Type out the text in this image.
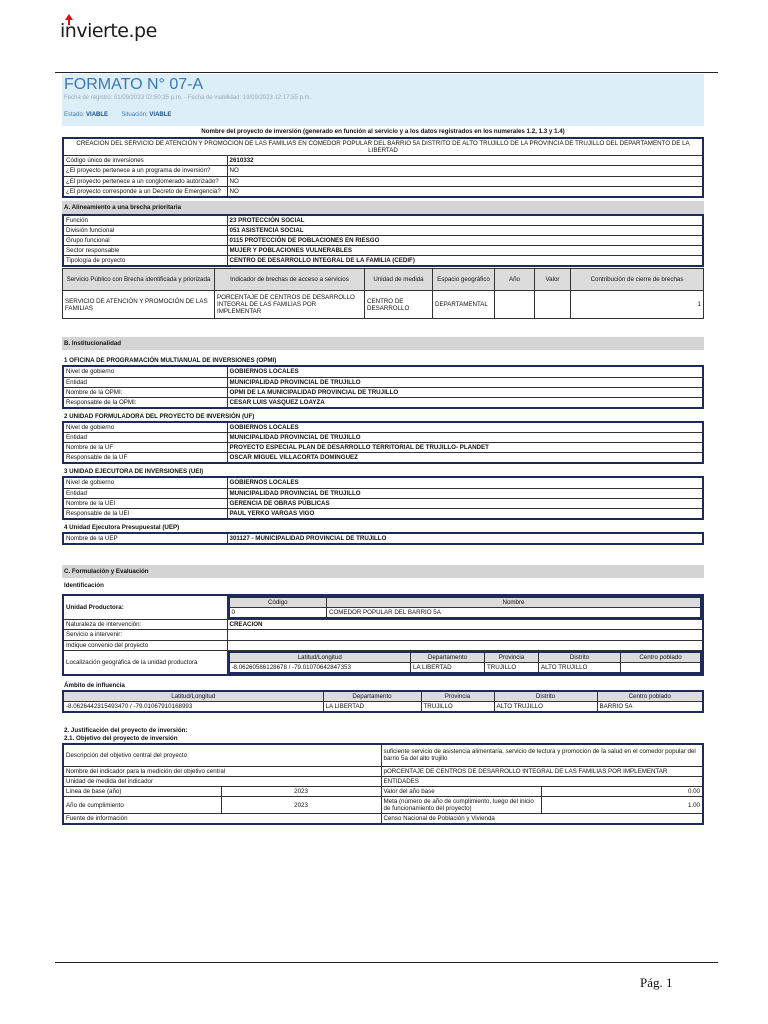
invierte.pe
FORMATO N° 07-A
Fecha de registro: 01/09/2023 02:50:35 p.m. - Fecha de viabilidad: 19/09/2023 12:17:55 p.m.
Estado: VIABLE Situación: VIABLE
Nombre del proyecto de inversión (generado en función al servicio y a los datos registrados en los numerales 1.2, 1.3 y 1.4)
CREACION DEL SERVICIO DE ATENCIÓN Y PROMOCION DE LAS FAMILIAS EN COMEDOR POPULAR DEL BARRIO 5A DISTRITO DE ALTO TRUJILLO DE LA PROVINCIA DE TRUJILLO DEL DEPARTAMENTO DE LA LIBERTAD	
Código único de inversiones	2610332
¿El proyecto pertenece a un programa de inversión?	NO
¿El proyecto pertenece a un conglomerado autorizado?	NO
¿El proyecto corresponde a un Decreto de Emergencia?	NO
A. Alineamiento a una brecha prioritaria
Función	23 PROTECCIÓN SOCIAL
División funcional	051 ASISTENCIA SOCIAL
Grupo funcional	0115 PROTECCIÓN DE POBLACIONES EN RIESGO
Sector responsable	MUJER Y POBLACIONES VULNERABLES
Tipología de proyecto	CENTRO DE DESARROLLO INTEGRAL DE LA FAMILIA (CEDIF)
Servicio Público con Brecha identificada y priorizada	Indicador de brechas de acceso a servicios	Unidad de medida	Espacio geográfico	Año	Valor	Contribución de cierre de brechas
SERVICIO DE ATENCIÓN Y PROMOCIÓN DE LAS FAMILIAS	PORCENTAJE DE CENTROS DE DESARROLLO INTEGRAL DE LAS FAMILIAS POR IMPLEMENTAR	CENTRO DE DESARROLLO	DEPARTAMENTAL			1
B. Institucionalidad
1 OFICINA DE PROGRAMACIÓN MULTIANUAL DE INVERSIONES (OPMI)
Nivel de gobierno	GOBIERNOS LOCALES
Entidad	MUNICIPALIDAD PROVINCIAL DE TRUJILLO
Nombre de la OPMI:	OPMI DE LA MUNICIPALIDAD PROVINCIAL DE TRUJILLO
Responsable de la OPMI:	CESAR LUIS VASQUEZ LOAYZA
2 UNIDAD FORMULADORA DEL PROYECTO DE INVERSIÓN (UF)
Nivel de gobierno	GOBIERNOS LOCALES
Entidad	MUNICIPALIDAD PROVINCIAL DE TRUJILLO
Nombre de la UF	PROYECTO ESPECIAL PLAN DE DESARROLLO TERRITORIAL DE TRUJILLO- PLANDET
Responsable de la UF	OSCAR MIGUEL VILLACORTA DOMINGUEZ
3 UNIDAD EJECUTORA DE INVERSIONES (UEI)
Nivel de gobierno	GOBIERNOS LOCALES
Entidad	MUNICIPALIDAD PROVINCIAL DE TRUJILLO
Nombre de la UEI	GERENCIA DE OBRAS PÚBLICAS
Responsable de la UEI	PAUL YERKO VARGAS VIGO
4 Unidad Ejecutora Presupuestal (UEP)
Nombre de la UEP	301127 - MUNICIPALIDAD PROVINCIAL DE TRUJILLO
C. Formulación y Evaluación
Identificación
Unidad Productora:	
Código	Nombre
0	COMEDOR POPULAR DEL BARRIO 5A

Naturaleza de intervención:	CREACION
Servicio a intervenir:	
Indique convenio del proyecto	
Localización geográfica de la unidad productora	
Latitud/Longitud	Departamento	Provincia	Distrito	Centro poblado
-8.06260586128678 / -79.01070642847353	LA LIBERTAD	TRUJILLO	ALTO TRUJILLO	
Ámbito de influencia
Latitud/Longitud	Departamento	Provincia	Distrito	Centro poblado
-8.0626442315493470 / -79.01067910168993	LA LIBERTAD	TRUJILLO	ALTO TRUJILLO	BARRIO 5A
2. Justificación del proyecto de inversión:
2.1. Objetivo del proyecto de inversión
Descripción del objetivo central del proyecto		suficiente servicio de asistencia alimentaria, servicio de lectura y promoción de la salud en el comedor popular del barrio 5a del alto trujillo	
Nombre del indicador para la medición del objetivo central		pORCENTAJE DE CENTROS DE DESARROLLO INTEGRAL DE LAS FAMILIAS POR IMPLEMENTAR	
Unidad de medida del indicador		ENTIDADES	
Línea de base (año)	2023	Valor del año base	0.00
Año de cumplimiento	2023	Meta (número de año de cumplimiento, luego del inicio de funcionamiento del proyecto)	1.00
Fuente de información		Censo Nacional de Población y Vivienda	
Pág. 1
